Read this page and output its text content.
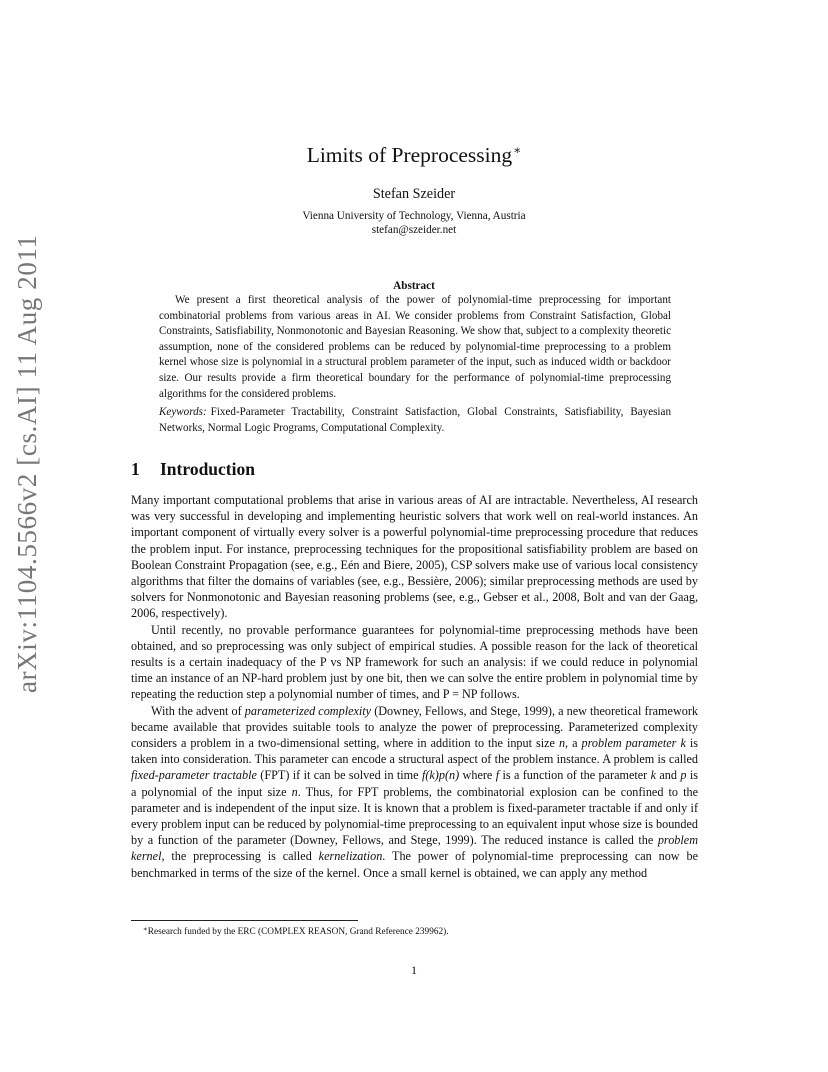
arXiv:1104.5566v2 [cs.AI] 11 Aug 2011
Limits of Preprocessing∗
Stefan Szeider
Vienna University of Technology, Vienna, Austria
stefan@szeider.net
Abstract

We present a first theoretical analysis of the power of polynomial-time preprocessing for important combinatorial problems from various areas in AI. We consider problems from Constraint Satisfaction, Global Constraints, Satisfiability, Nonmonotonic and Bayesian Reasoning. We show that, subject to a complexity theoretic assumption, none of the considered problems can be reduced by polynomial-time preprocessing to a problem kernel whose size is polynomial in a structural problem parameter of the input, such as induced width or backdoor size. Our results provide a firm theoretical boundary for the performance of polynomial-time preprocessing algorithms for the considered problems.

Keywords: Fixed-Parameter Tractability, Constraint Satisfaction, Global Constraints, Satisfiability, Bayesian Networks, Normal Logic Programs, Computational Complexity.

1 Introduction

Many important computational problems that arise in various areas of AI are intractable. Nevertheless, AI research was very successful in developing and implementing heuristic solvers that work well on real-world instances. An important component of virtually every solver is a powerful polynomial-time preprocessing procedure that reduces the problem input. For instance, preprocessing techniques for the propositional satisfiability problem are based on Boolean Constraint Propagation (see, e.g., Eén and Biere, 2005), CSP solvers make use of various local consistency algorithms that filter the domains of variables (see, e.g., Bessière, 2006); similar preprocessing methods are used by solvers for Nonmonotonic and Bayesian reasoning problems (see, e.g., Gebser et al., 2008, Bolt and van der Gaag, 2006, respectively).

Until recently, no provable performance guarantees for polynomial-time preprocessing methods have been obtained, and so preprocessing was only subject of empirical studies. A possible reason for the lack of theoretical results is a certain inadequacy of the P vs NP framework for such an analysis: if we could reduce in polynomial time an instance of an NP-hard problem just by one bit, then we can solve the entire problem in polynomial time by repeating the reduction step a polynomial number of times, and P = NP follows.

With the advent of parameterized complexity (Downey, Fellows, and Stege, 1999), a new theoretical framework became available that provides suitable tools to analyze the power of preprocessing. Parameterized complexity considers a problem in a two-dimensional setting, where in addition to the input size n, a problem parameter k is taken into consideration. This parameter can encode a structural aspect of the problem instance. A problem is called fixed-parameter tractable (FPT) if it can be solved in time f(k)p(n) where f is a function of the parameter k and p is a polynomial of the input size n. Thus, for FPT problems, the combinatorial explosion can be confined to the parameter and is independent of the input size. It is known that a problem is fixed-parameter tractable if and only if every problem input can be reduced by polynomial-time preprocessing to an equivalent input whose size is bounded by a function of the parameter (Downey, Fellows, and Stege, 1999). The reduced instance is called the problem kernel, the preprocessing is called kernelization. The power of polynomial-time preprocessing can now be benchmarked in terms of the size of the kernel. Once a small kernel is obtained, we can apply any method

∗Research funded by the ERC (COMPLEX REASON, Grand Reference 239962).
1
